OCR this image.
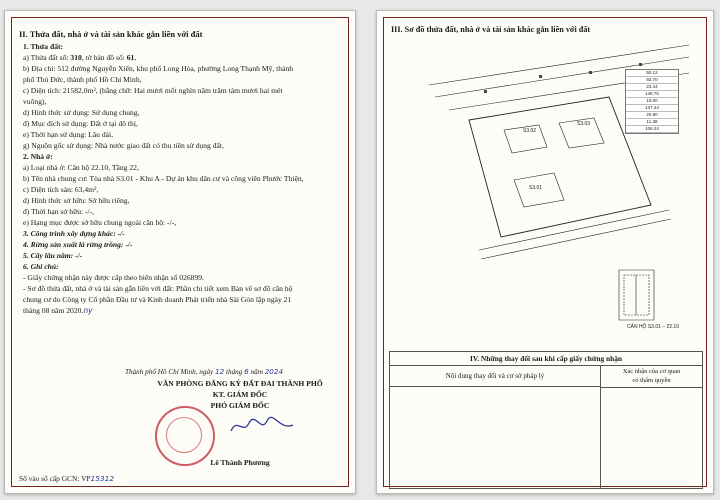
II. Thửa đất, nhà ở và tài sản khác gắn liền với đất
1. Thửa đất:
a) Thửa đất số: 310, tờ bản đồ số: 61,
b) Địa chỉ: 512 đường Nguyễn Xiển, khu phố Long Hòa, phường Long Thạnh Mỹ, thành
phố Thủ Đức, thành phố Hồ Chí Minh,
c) Diện tích: 21582,0m², (bằng chữ: Hai mươi mốt nghìn năm trăm tám mươi hai mét
vuông),
d) Hình thức sử dụng: Sử dụng chung,
đ) Mục đích sử dụng: Đất ở tại đô thị,
e) Thời hạn sử dụng: Lâu dài,
g) Nguồn gốc sử dụng: Nhà nước giao đất có thu tiền sử dụng đất,
2. Nhà ở:
a) Loại nhà ở: Căn hộ 22.10, Tầng 22,
b) Tên nhà chung cư: Tòa nhà S3.01 - Khu A - Dự án khu dân cư và công viên Phước Thiện,
c) Diện tích sàn: 63,4m²,
d) Hình thức sở hữu: Sở hữu riêng,
đ) Thời hạn sở hữu: -/-,
e) Hạng mục được sở hữu chung ngoài căn hộ: -/-,
3. Công trình xây dựng khác: -/-
4. Rừng sản xuất là rừng trồng: -/-
5. Cây lâu năm: -/-
6. Ghi chú:
- Giấy chứng nhận này được cấp theo biên nhận số 026899.
- Sơ đồ thửa đất, nhà ở và tài sản gắn liền với đất: Phần chi tiết xem Bản vẽ sơ đồ căn hộ
chung cư do Công ty Cổ phần Đầu tư và Kinh doanh Phát triển nhà Sài Gòn lập ngày 21
tháng 08 năm 2020.ny
Thành phố Hồ Chí Minh, ngày 12 tháng 6 năm 2024
VĂN PHÒNG ĐĂNG KÝ ĐẤT ĐAI THÀNH PHỐ
KT. GIÁM ĐỐC
PHÓ GIÁM ĐỐC
Lê Thành Phương
Số vào sổ cấp GCN: VP15312
III. Sơ đồ thửa đất, nhà ở và tài sản khác gắn liền với đất
S3.02
S3.03
S3.01
50.12
93.70
23.44
148.76
19.00
137.44
20.80
11.38
106.24
CĂN HỘ S3.01 – 22.10
IV. Những thay đổi sau khi cấp giấy chứng nhận
Nội dung thay đổi và cơ sở pháp lý
Xác nhận của cơ quan
có thẩm quyền
